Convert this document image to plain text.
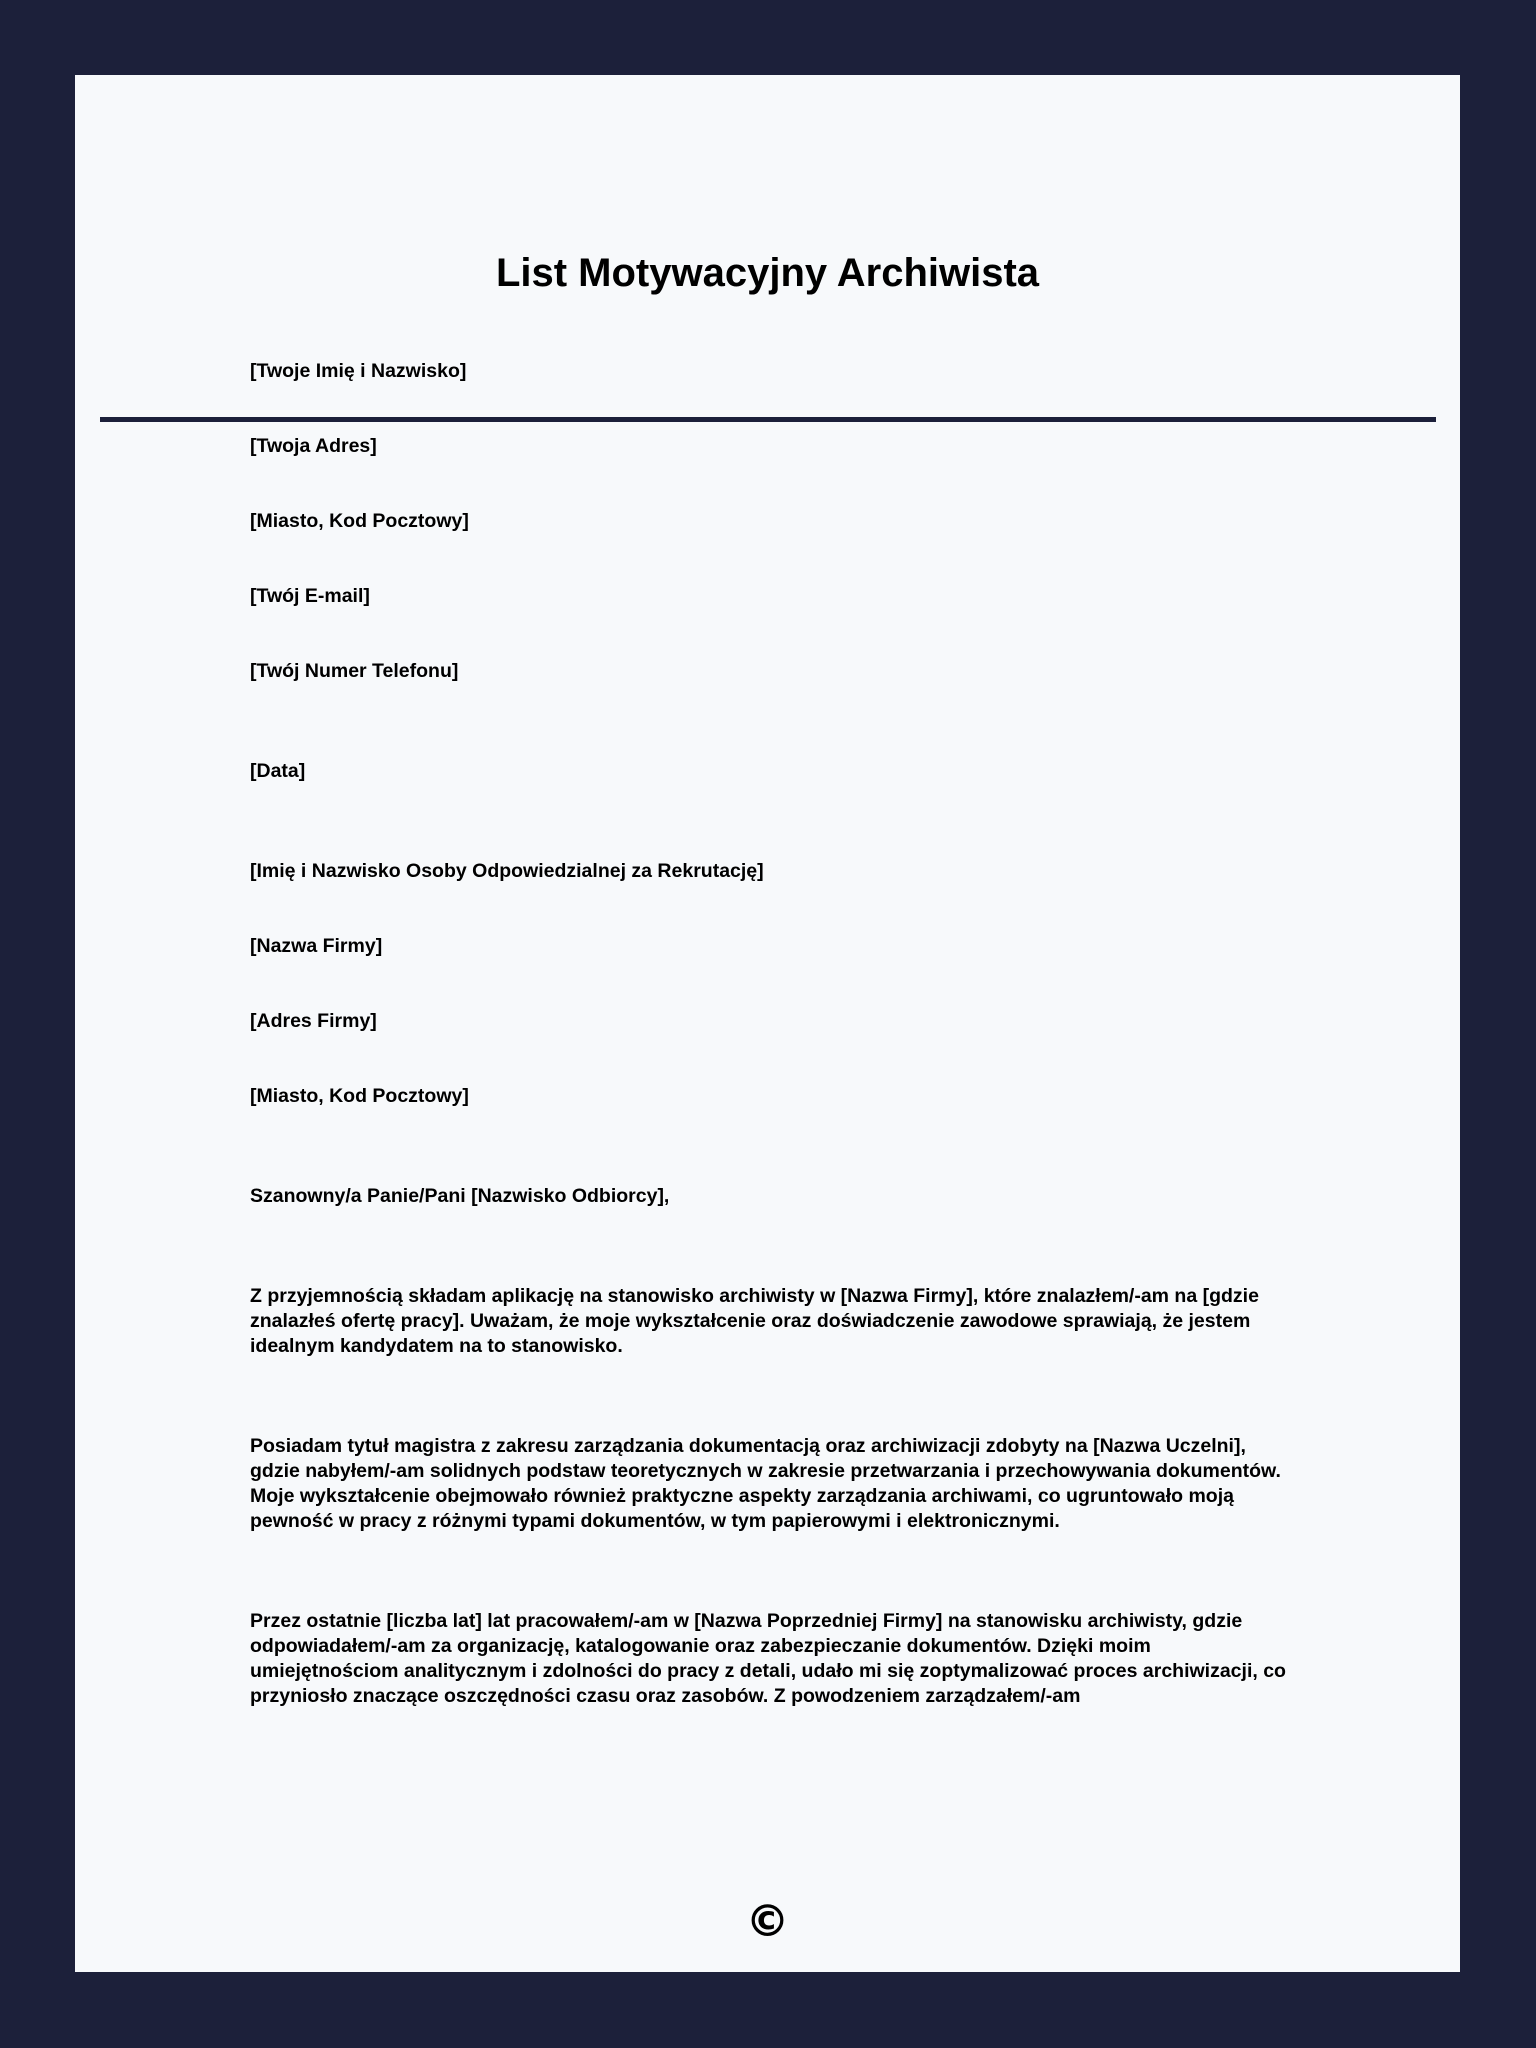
List Motywacyjny Archiwista

[Twoje Imię i Nazwisko]

[Twoja Adres]

[Miasto, Kod Pocztowy]

[Twój E-mail]

[Twój Numer Telefonu]

[Data]

[Imię i Nazwisko Osoby Odpowiedzialnej za Rekrutację]

[Nazwa Firmy]

[Adres Firmy]

[Miasto, Kod Pocztowy]

Szanowny/a Panie/Pani [Nazwisko Odbiorcy],

Z przyjemnością składam aplikację na stanowisko archiwisty w [Nazwa Firmy], które znalazłem/-am na [gdzie znalazłeś ofertę pracy]. Uważam, że moje wykształcenie oraz doświadczenie zawodowe sprawiają, że jestem idealnym kandydatem na to stanowisko.

Posiadam tytuł magistra z zakresu zarządzania dokumentacją oraz archiwizacji zdobyty na [Nazwa Uczelni], gdzie nabyłem/-am solidnych podstaw teoretycznych w zakresie przetwarzania i przechowywania dokumentów. Moje wykształcenie obejmowało również praktyczne aspekty zarządzania archiwami, co ugruntowało moją pewność w pracy z różnymi typami dokumentów, w tym papierowymi i elektronicznymi.

Przez ostatnie [liczba lat] lat pracowałem/-am w [Nazwa Poprzedniej Firmy] na stanowisku archiwisty, gdzie odpowiadałem/-am za organizację, katalogowanie oraz zabezpieczanie dokumentów. Dzięki moim umiejętnościom analitycznym i zdolności do pracy z detali, udało mi się zoptymalizować proces archiwizacji, co przyniosło znaczące oszczędności czasu oraz zasobów. Z powodzeniem zarządzałem/-am

©
